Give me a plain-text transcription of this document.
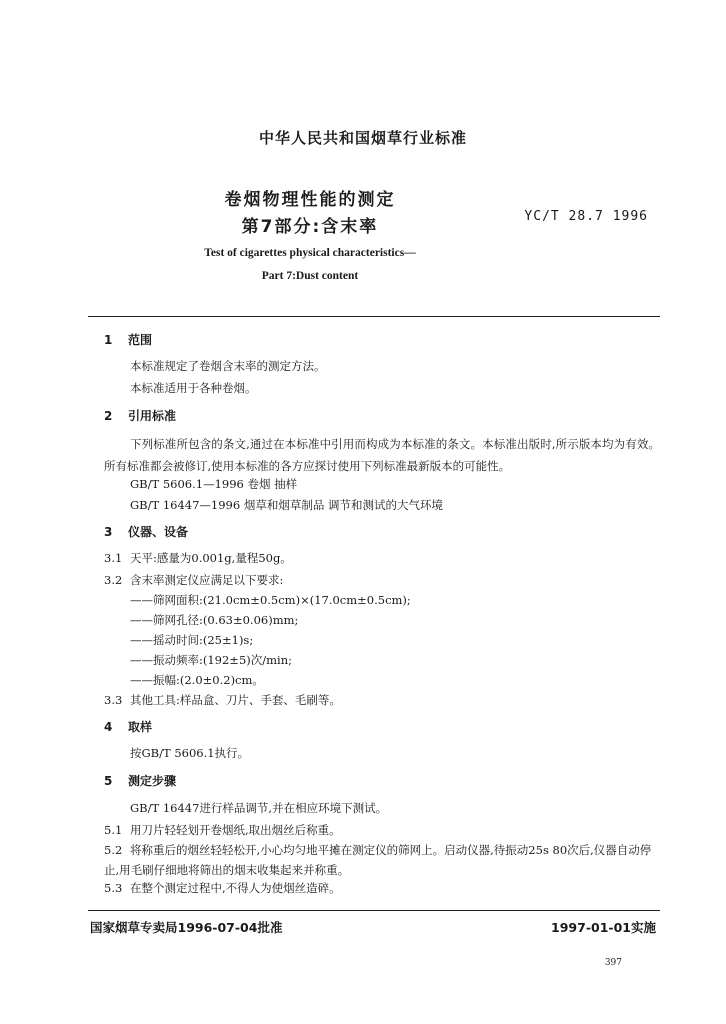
中华人民共和国烟草行业标准
卷烟物理性能的测定
第7部分:含末率
YC/T 28.7 1996
Test of cigarettes physical characteristics—
Part 7:Dust content
1 范围
本标准规定了卷烟含末率的测定方法。
本标准适用于各种卷烟。
2 引用标准
下列标准所包含的条文,通过在本标准中引用而构成为本标准的条文。本标准出版时,所示版本均为有效。所有标准都会被修订,使用本标准的各方应探讨使用下列标准最新版本的可能性。
GB/T 5606.1—1996 卷烟 抽样
GB/T 16447—1996 烟草和烟草制品 调节和测试的大气环境
3 仪器、设备
3.1 天平:感量为0.001g,量程50g。
3.2 含末率测定仪应满足以下要求:
——筛网面积:(21.0cm±0.5cm)×(17.0cm±0.5cm);
——筛网孔径:(0.63±0.06)mm;
——摇动时间:(25±1)s;
——振动频率:(192±5)次/min;
——振幅:(2.0±0.2)cm。
3.3 其他工具:样品盒、刀片、手套、毛刷等。
4 取样
按GB/T 5606.1执行。
5 测定步骤
GB/T 16447进行样品调节,并在相应环境下测试。
5.1 用刀片轻轻划开卷烟纸,取出烟丝后称重。
5.2 将称重后的烟丝轻轻松开,小心均匀地平摊在测定仪的筛网上。启动仪器,待振动25s 80次后,仪器自动停止,用毛刷仔细地将筛出的烟末收集起来并称重。
5.3 在整个测定过程中,不得人为使烟丝造碎。
国家烟草专卖局1996-07-04批准	1997-01-01实施
397
